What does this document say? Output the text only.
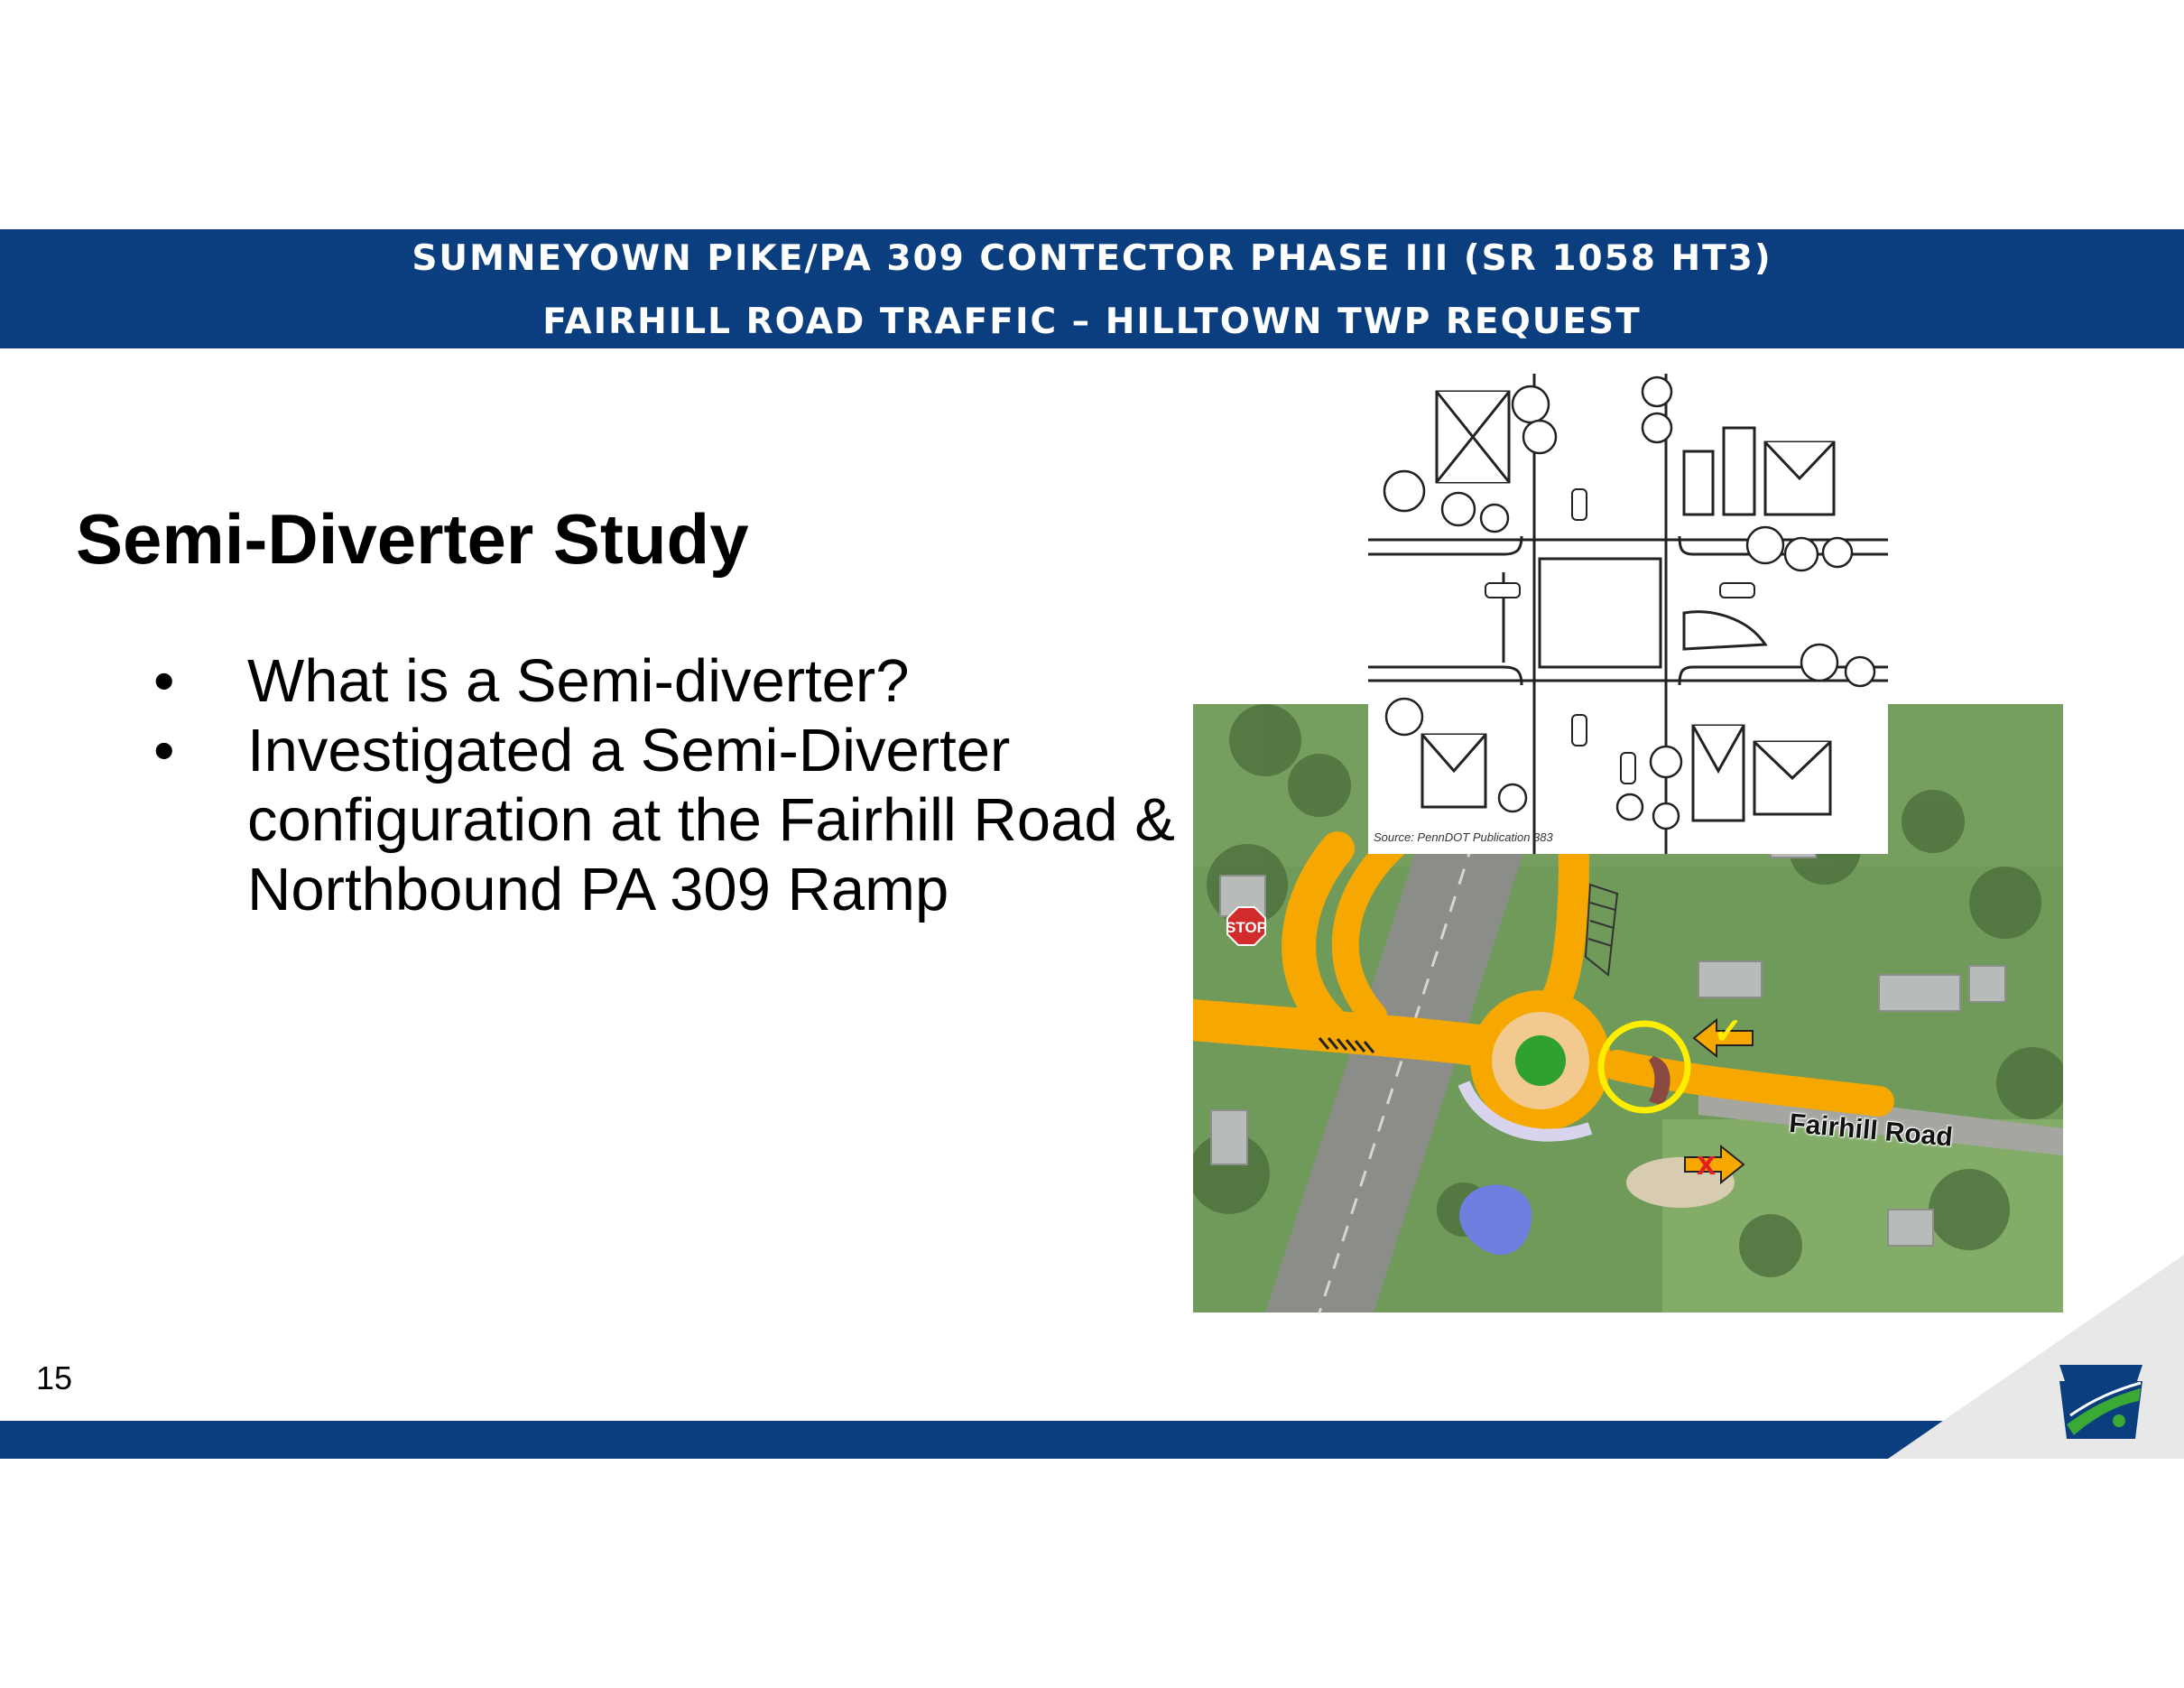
SUMNEYOWN PIKE/PA 309 CONTECTOR PHASE III (SR 1058 HT3)
FAIRHILL ROAD TRAFFIC – HILLTOWN TWP REQUEST
Semi-Diverter Study
• What is a Semi-diverter?
• Investigated a Semi-Diverter configuration at the Fairhill Road & Northbound PA 309 Ramp
STOP
✓
x
Fairhill Road
Source: PennDOT Publication 383
15
